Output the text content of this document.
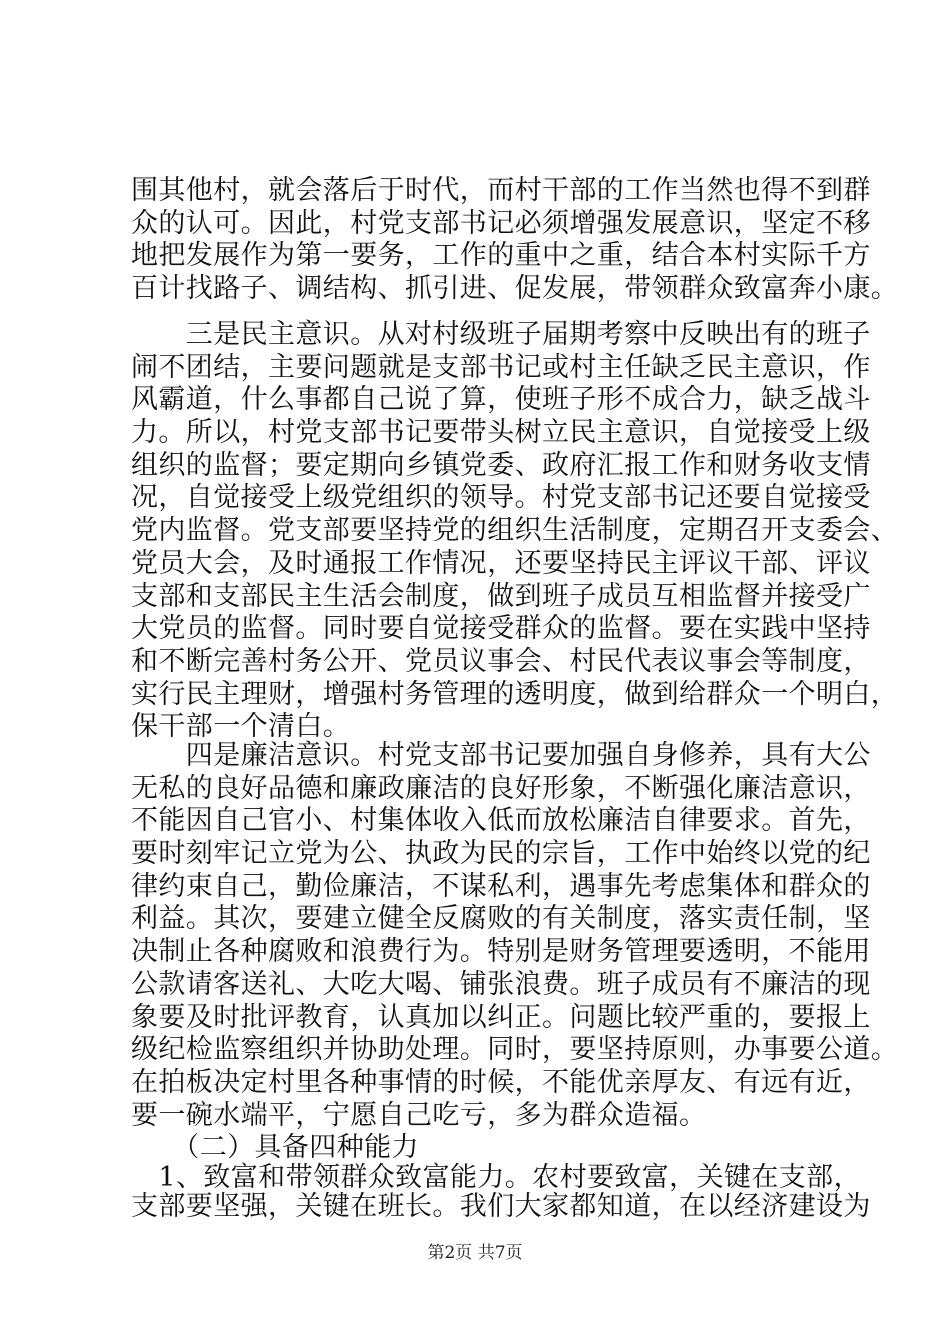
围其他村，就会落后于时代，而村干部的工作当然也得不到群
众的认可。因此，村党支部书记必须增强发展意识，坚定不移
地把发展作为第一要务，工作的重中之重，结合本村实际千方
百计找路子、调结构、抓引进、促发展，带领群众致富奔小康。
　　三是民主意识。从对村级班子届期考察中反映出有的班子
闹不团结，主要问题就是支部书记或村主任缺乏民主意识，作
风霸道，什么事都自己说了算，使班子形不成合力，缺乏战斗
力。所以，村党支部书记要带头树立民主意识，自觉接受上级
组织的监督；要定期向乡镇党委、政府汇报工作和财务收支情
况，自觉接受上级党组织的领导。村党支部书记还要自觉接受
党内监督。党支部要坚持党的组织生活制度，定期召开支委会、
党员大会，及时通报工作情况，还要坚持民主评议干部、评议
支部和支部民主生活会制度，做到班子成员互相监督并接受广
大党员的监督。同时要自觉接受群众的监督。要在实践中坚持
和不断完善村务公开、党员议事会、村民代表议事会等制度，
实行民主理财，增强村务管理的透明度，做到给群众一个明白，
保干部一个清白。
　　四是廉洁意识。村党支部书记要加强自身修养，具有大公
无私的良好品德和廉政廉洁的良好形象，不断强化廉洁意识，
不能因自己官小、村集体收入低而放松廉洁自律要求。首先，
要时刻牢记立党为公、执政为民的宗旨，工作中始终以党的纪
律约束自己，勤俭廉洁，不谋私利，遇事先考虑集体和群众的
利益。其次，要建立健全反腐败的有关制度，落实责任制，坚
决制止各种腐败和浪费行为。特别是财务管理要透明，不能用
公款请客送礼、大吃大喝、铺张浪费。班子成员有不廉洁的现
象要及时批评教育，认真加以纠正。问题比较严重的，要报上
级纪检监察组织并协助处理。同时，要坚持原则，办事要公道。
在拍板决定村里各种事情的时候，不能优亲厚友、有远有近，
要一碗水端平，宁愿自己吃亏，多为群众造福。
　　（二）具备四种能力
　1、致富和带领群众致富能力。农村要致富，关键在支部，
支部要坚强，关键在班长。我们大家都知道，在以经济建设为
第2页 共7页
